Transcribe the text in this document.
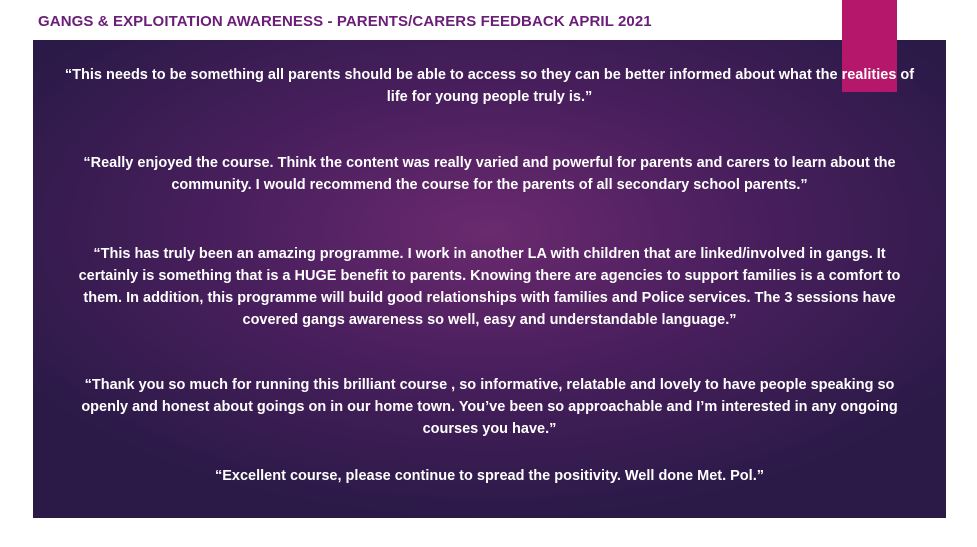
GANGS & EXPLOITATION AWARENESS - PARENTS/CARERS FEEDBACK APRIL 2021

“This needs to be something all parents should be able to access so they can be better informed about what the realities of life for young people truly is.”

“Really enjoyed the course. Think the content was really varied and powerful for parents and carers to learn about the community. I would recommend the course for the parents of all secondary school parents.”

“This has truly been an amazing programme. I work in another LA with children that are linked/involved in gangs. It certainly is something that is a HUGE benefit to parents. Knowing there are agencies to support families is a comfort to them. In addition, this programme will build good relationships with families and Police services. The 3 sessions have covered gangs awareness so well, easy and understandable language.”

“Thank you so much for running this brilliant course , so informative, relatable and lovely to have people speaking so openly and honest about goings on in our home town. You’ve been so approachable and I’m interested in any ongoing courses you have.”

“Excellent course, please continue to spread the positivity. Well done Met. Pol.”
